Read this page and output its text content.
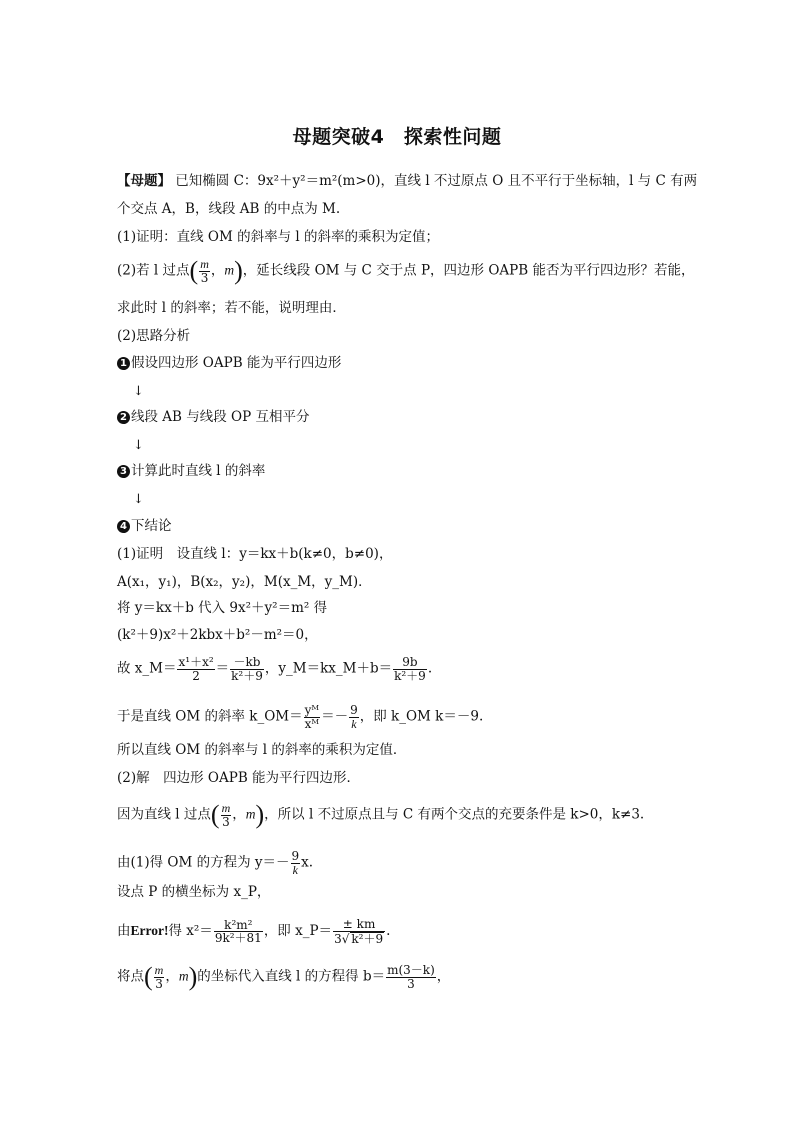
母题突破4　探索性问题
【母题】 已知椭圆 C：9x²＋y²＝m²(m>0)，直线 l 不过原点 O 且不平行于坐标轴，l 与 C 有两
个交点 A，B，线段 AB 的中点为 M.
(1)证明：直线 OM 的斜率与 l 的斜率的乘积为定值；
(2)若 l 过点( $\frac{m}{3}$ ，m)，延长线段 OM 与 C 交于点 P，四边形 OAPB 能否为平行四边形？若能，
求此时 l 的斜率；若不能，说明理由．
(2)思路分析
1 假设四边形 OAPB 能为平行四边形
↓
2 线段 AB 与线段 OP 互相平分
↓
3 计算此时直线 l 的斜率
↓
4 下结论
(1)证明　设直线 l：y＝kx＋b(k≠0，b≠0)，
A(x₁，y₁)，B(x₂，y₂)，M(x_M，y_M)．
将 y＝kx＋b 代入 9x²＋y²＝m² 得
(k²＋9)x²＋2kbx＋b²－m²＝0，
故 x_M＝ $\frac{\text{x¹＋x²}}{2} = \frac{-kb}{\text{k²＋9}}$ ，y_M＝kx_M＋b＝ $\frac{9b}{\text{k²＋9}}$ .
于是直线 OM 的斜率 k_OM＝ $\frac{\text{yᴹ}}{\text{xᴹ}} =- \frac{9}{k}$ ，即 k_OM k＝－9.
所以直线 OM 的斜率与 l 的斜率的乘积为定值．
(2)解　四边形 OAPB 能为平行四边形．
因为直线 l 过点( $\frac{m}{3}$ ，m)，所以 l 不过原点且与 C 有两个交点的充要条件是 k>0，k≠3.
由(1)得 OM 的方程为 $y=- \frac{9}{k} x$.
设点 P 的横坐标为 x_P，
由Error!得 $x^2= \frac{\text{k²m²}}{\text{9k²＋81}}$ ，即 x_P＝ $\frac{\pm km}{\text{3√ k²＋9}}$ .
将点( $\frac{m}{3}$ ，m)的坐标代入直线 l 的方程得 $b= \frac{m(3-k)}{3}$ ，
